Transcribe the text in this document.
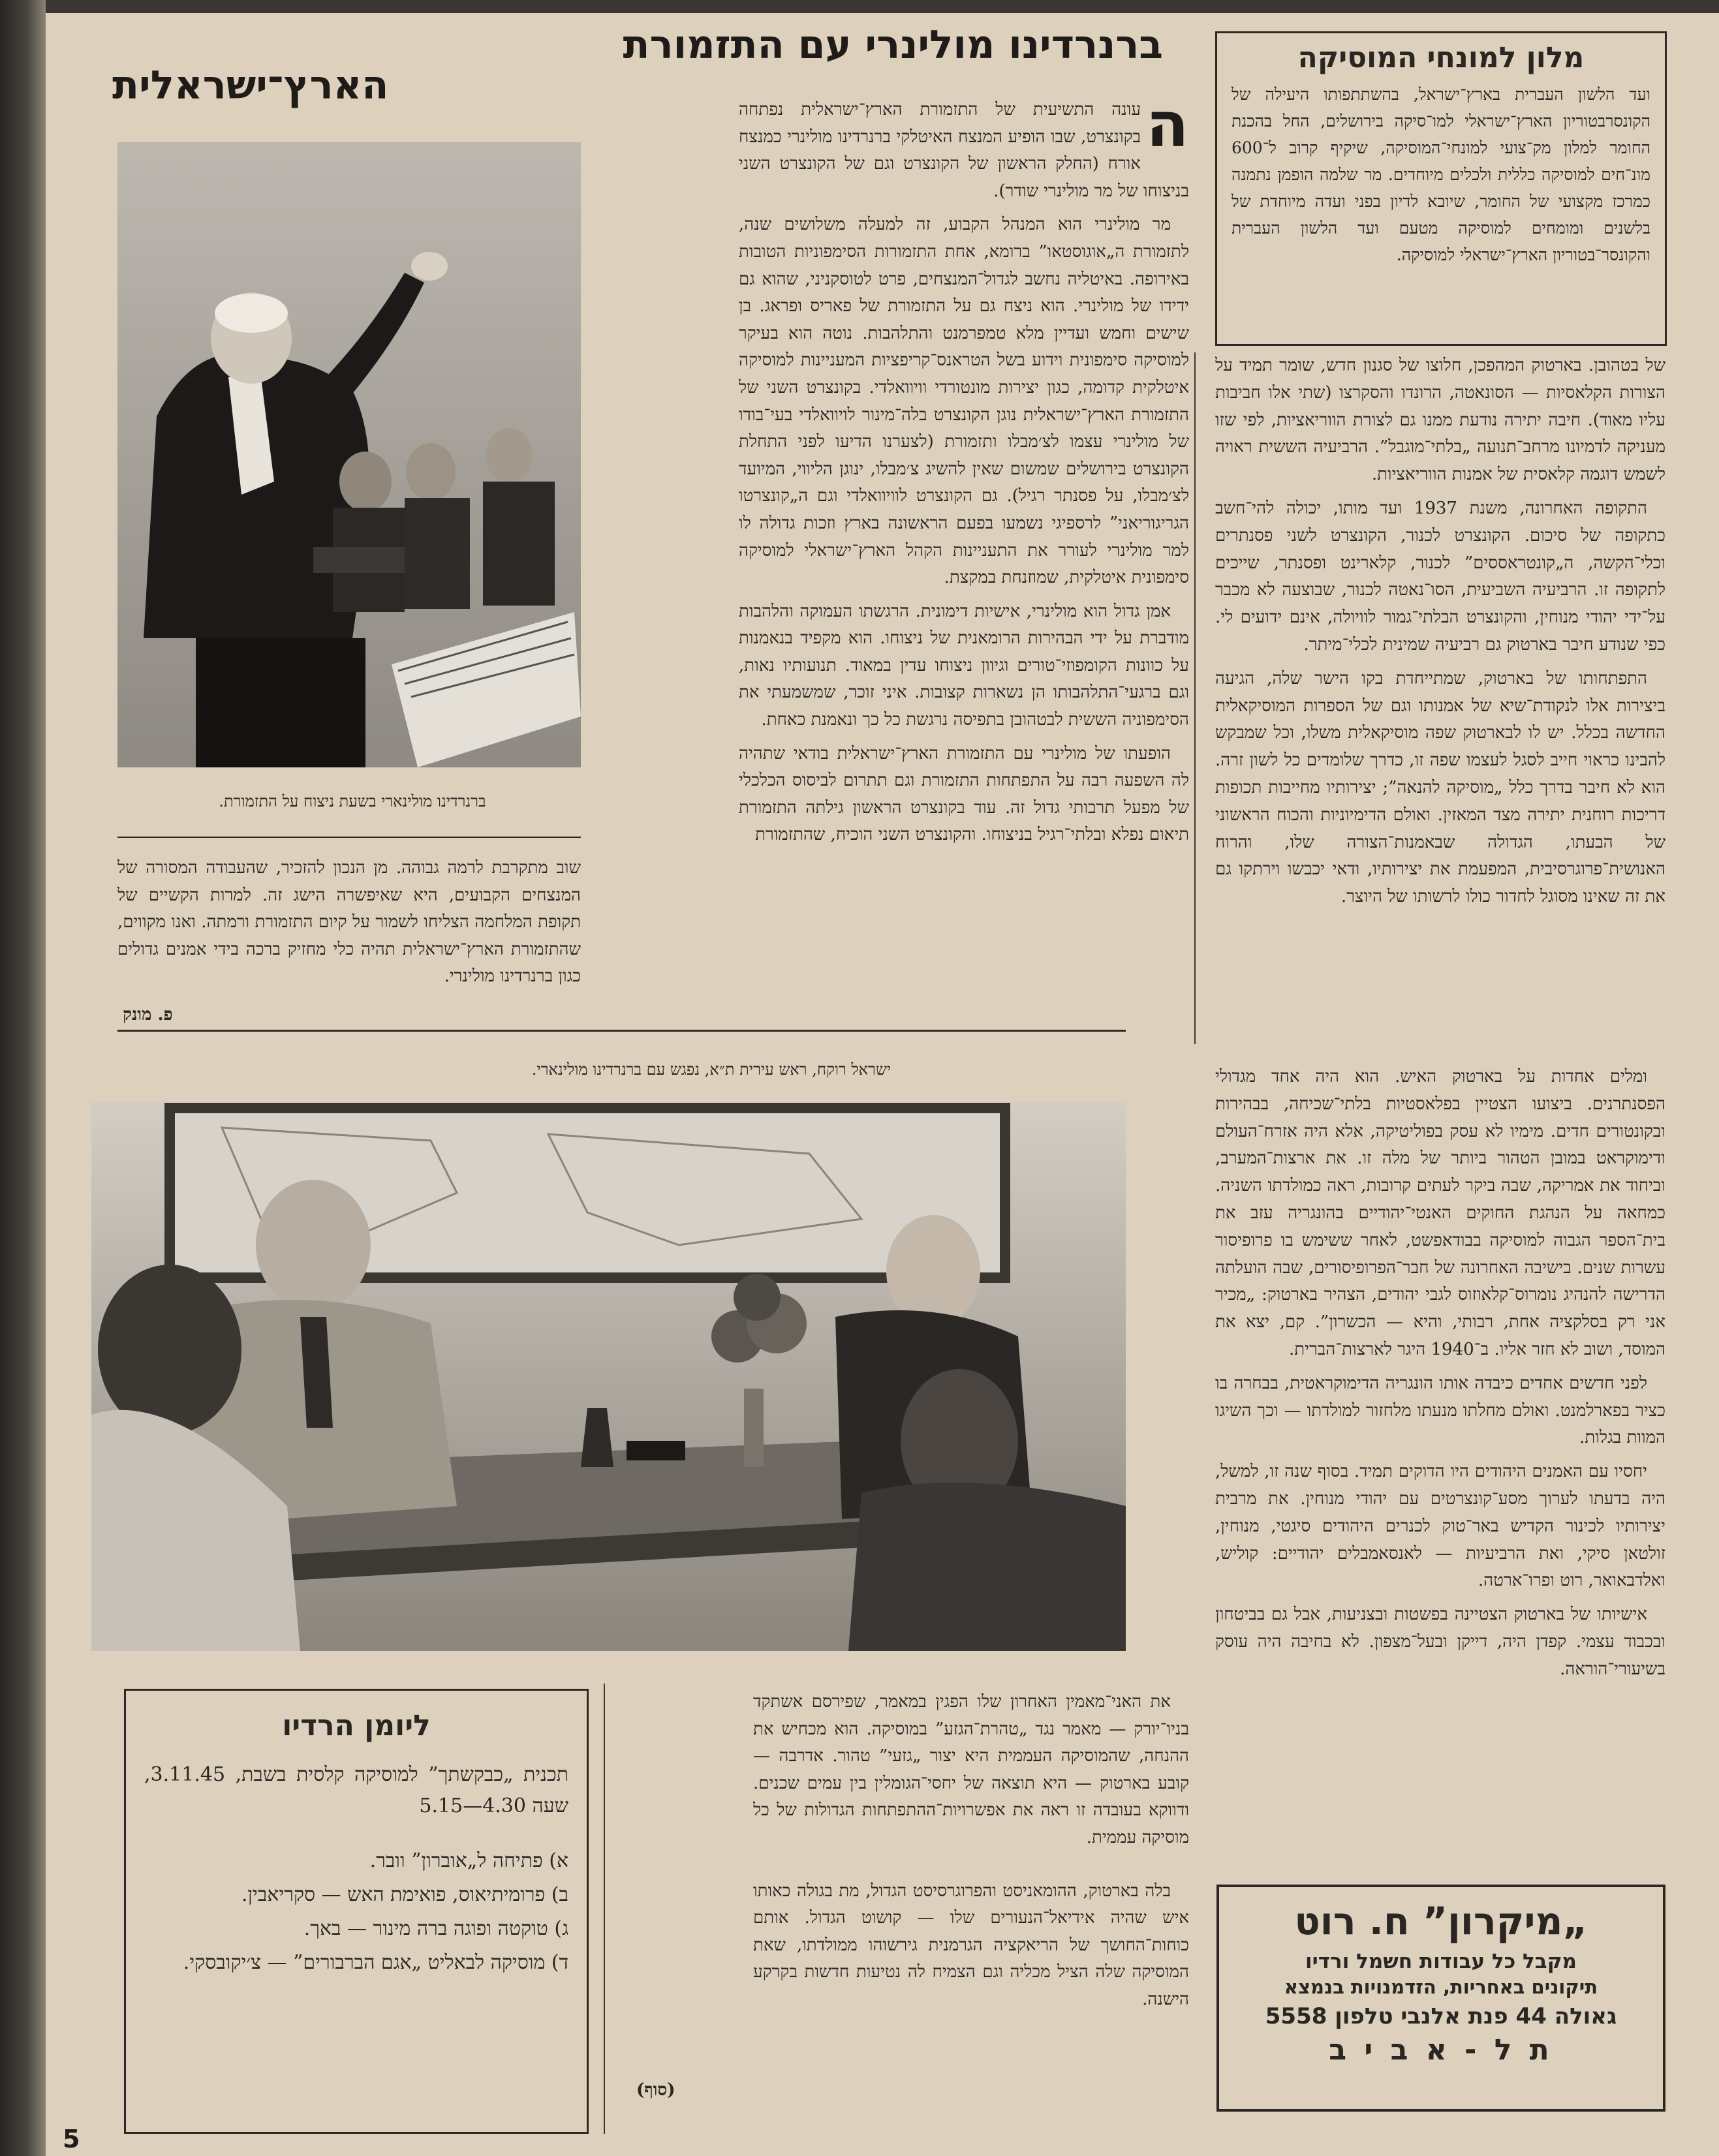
מלון למונחי המוסיקה
ועד הלשון העברית בארץ־ישראל, בהשתתפותו היעילה של הקונסרבטוריון הארץ־ישראלי למו־סיקה בירושלים, החל בהכנת החומר למלון מק־צועי למונחי־המוסיקה, שיקיף קרוב ל־600 מונ־חים למוסיקה כללית ולכלים מיוחדים. מר שלמה הופמן נתמנה כמרכז מקצועי של החומר, שיובא לדיון בפני ועדה מיוחדת של בלשנים ומומחים למוסיקה מטעם ועד הלשון העברית והקונסר־בטוריון הארץ־ישראלי למוסיקה.

של בטהובן. בארטוק המהפכן, חלוצו של סגנון חדש, שומר תמיד על הצורות הקלאסיות — הסונאטה, הרונדו והסקרצו (שתי אלו חביבות עליו מאוד). חיבה יתירה נודעת ממנו גם לצורת הווריאציות, לפי שזו מעניקה לדמיונו מרחב־תנועה „בלתי־מוגבל”. הרביעיה הששית ראויה לשמש דוגמה קלאסית של אמנות הווריאציות.

התקופה האחרונה, משנת 1937 ועד מותו, יכולה להי־חשב כתקופה של סיכום. הקונצרט לכנור, הקונצרט לשני פסנתרים וכלי־הקשה, ה„קונטראססים” לכנור, קלארינט ופסנתר, שייכים לתקופה זו. הרביעיה השביעית, הסו־נאטה לכנור, שבוצעה לא מכבר על־ידי יהודי מנוחין, והקונצרט הבלתי־גמור לוויולה, אינם ידועים לי. כפי שנודע חיבר בארטוק גם רביעיה שמינית לכלי־מיתר.

התפתחותו של בארטוק, שמתייחדת בקו הישר שלה, הגיעה ביצירות אלו לנקודת־שיא של אמנותו וגם של הספרות המוסיקאלית החדשה בכלל. יש לו לבארטוק שפה מוסיקאלית משלו, וכל שמבקש להבינו כראוי חייב לסגל לעצמו שפה זו, כדרך שלומדים כל לשון זרה. הוא לא חיבר בדרך כלל „מוסיקה להנאה”; יצירותיו מחייבות תכופות דריכות רוחנית יתירה מצד המאזין. ואולם הדימיוניות והכוח הראשוני של הבעתו, הגדולה שבאמנות־הצורה שלו, והרוח האנושית־פרוגרסיבית, המפעמת את יצירותיו, ודאי יכבשו וירתקו גם את זה שאינו מסוגל לחדור כולו לרשותו של היוצר.

ומלים אחדות על בארטוק האיש. הוא היה אחד מגדולי הפסנתרנים. ביצועו הצטיין בפלאסטיות בלתי־שכיחה, בבהירות ובקונטורים חדים. מימיו לא עסק בפוליטיקה, אלא היה אזרח־העולם ודימוקראט במובן הטהור ביותר של מלה זו. את ארצות־המערב, וביחוד את אמריקה, שבה ביקר לעתים קרובות, ראה כמולדתו השניה. כמחאה על הנהגת החוקים האנטי־יהודיים בהונגריה עזב את בית־הספר הגבוה למוסיקה בבודאפשט, לאחר ששימש בו פרופיסור עשרות שנים. בישיבה האחרונה של חבר־הפרופיסורים, שבה הועלתה הדרישה להנהיג נומרוס־קלאוזוס לגבי יהודים, הצהיר בארטוק: „מכיר אני רק בסלקציה אחת, רבותי, והיא — הכשרון”. קם, יצא את המוסד, ושוב לא חזר אליו. ב־1940 היגר לארצות־הברית.

לפני חדשים אחדים כיבדה אותו הונגריה הדימוקראטית, בבחרה בו כציר בפארלמנט. ואולם מחלתו מנעתו מלחזור למולדתו — וכך השיגו המוות בגלות.

יחסיו עם האמנים היהודים היו הדוקים תמיד. בסוף שנה זו, למשל, היה בדעתו לערוך מסע־קונצרטים עם יהודי מנוחין. את מרבית יצירותיו לכינור הקדיש באר־טוק לכנרים היהודים סיגטי, מנוחין, זולטאן סיקי, ואת הרביעיות — לאנסאמבלים יהודיים: קוליש, ואלדבאואר, רוט ופרו־ארטה.

אישיותו של בארטוק הצטיינה בפשטות ובצניעות, אבל גם בביטחון ובכבוד עצמי. קפדן היה, דייקן ובעל־מצפון. לא בחיבה היה עוסק בשיעורי־הוראה.

ברנרדינו מולינרי עם התזמורת
הארץ־ישראלית
ברנרדינו מולינארי בשעת ניצוח על התזמורת.
ה

עונה התשיעית של התזמורת הארץ־ישראלית נפתחה בקונצרט, שבו הופיע המנצח האיטלקי ברנרדינו מולינרי כמנצח אורח (החלק הראשון של הקונצרט וגם של הקונצרט השני בניצוחו של מר מולינרי שודר).

מר מולינרי הוא המנהל הקבוע, זה למעלה משלושים שנה, לתזמורת ה„אוגוסטאו” ברומא, אחת התזמורות הסימפוניות הטובות באירופה. באיטליה נחשב לגדול־המנצחים, פרט לטוסקניני, שהוא גם ידידו של מולינרי. הוא ניצח גם על התזמורת של פאריס ופראג. בן שישים וחמש ועדיין מלא טמפרמנט והתלהבות. נוטה הוא בעיקר למוסיקה סימפונית וידוע בשל הטראנס־קריפציות המעניינות למוסיקה איטלקית קדומה, כגון יצירות מונטורדי וויוואלדי. בקונצרט השני של התזמורת הארץ־ישראלית נוגן הקונצרט בלה־מינור לויוואלדי בעי־בודו של מולינרי עצמו לצ׳מבלו ותזמורת (לצערנו הדיעו לפני התחלת הקונצרט בירושלים שמשום שאין להשיג צ׳מבלו, ינוגן הליווי, המיועד לצ׳מבלו, על פסנתר רגיל). גם הקונצרט לוויוואלדי וגם ה„קונצרטו הגריגוריאני” לרספיגי נשמעו בפעם הראשונה בארץ וזכות גדולה לו למר מולינרי לעורר את התעניינות הקהל הארץ־ישראלי למוסיקה סימפונית איטלקית, שמוזנחת במקצת.

אמן גדול הוא מולינרי, אישיות דימונית. הרגשתו העמוקה והלהבות מודברת על ידי הבהירות הרומאנית של ניצוחו. הוא מקפיד בנאמנות על כוונות הקומפוזי־טורים וגיוון ניצוחו עדין במאוד. תנועותיו נאות, וגם ברגעי־התלהבותו הן נשארות קצובות. איני זוכר, שמשמעתי את הסימפוניה הששית לבטהובן בתפיסה נרגשת כל כך ונאמנת כאחת.

הופעתו של מולינרי עם התזמורת הארץ־ישראלית בודאי שתהיה לה השפעה רבה על התפתחות התזמורת וגם תתרום לביסוס הכלכלי של מפעל תרבותי גדול זה. עוד בקונצרט הראשון גילתה התזמורת תיאום נפלא ובלתי־רגיל בניצוחו. והקונצרט השני הוכיח, שהתזמורת

שוב מתקרבת לרמה גבוהה. מן הנכון להזכיר, שהעבודה המסורה של המנצחים הקבועים, היא שאיפשרה הישג זה. למרות הקשיים של תקופת המלחמה הצליחו לשמור על קיום התזמורת ורמתה. ואנו מקווים, שהתזמורת הארץ־ישראלית תהיה כלי מחזיק ברכה בידי אמנים גדולים כגון ברנרדינו מולינרי.

פ. מונק
ישראל רוקח, ראש עירית ת״א, נפגש עם ברנרדינו מולינארי.

את האני־מאמין האחרון שלו הפגין במאמר, שפירסם אשתקד בניו־יורק — מאמר נגד „טהרת־הגזע” במוסיקה. הוא מכחיש את ההנחה, שהמוסיקה העממית היא יצור „גזעי” טהור. אדרבה — קובע בארטוק — היא תוצאה של יחסי־הגומלין בין עמים שכנים. ודווקא בעובדה זו ראה את אפשרויות־ההתפתחות הגדולות של כל מוסיקה עממית.

בלה בארטוק, ההומאניסט והפרוגרסיסט הגדול, מת בגולה כאותו איש שהיה אידיאל־הנעורים שלו — קושוט הגדול. אותם כוחות־החושך של הריאקציה הגרמנית גירשוהו ממולדתו, שאת המוסיקה שלה הציל מכליה וגם הצמיח לה נטיעות חדשות בקרקע הישנה.

(סוף)
ליומן הרדיו
תכנית „כבקשתך” למוסיקה קלסית בשבת, 3.11.45, שעה 4.30—5.15
א) פתיחה ל„אוברון” וובר.
ב) פרומיתיאוס, פואימת האש — סקריאבין.
ג) טוקטה ופוגה ברה מינור — באך.
ד) מוסיקה לבאליט „אגם הברבורים” — צ׳יקובסקי.
„מיקרון” ח. רוט
מקבל כל עבודות חשמל ורדיו
תיקונים באחריות, הזדמנויות בנמצא
גאולה 44 פנת אלנבי טלפון 5558
ת ל - א ב י ב
5
